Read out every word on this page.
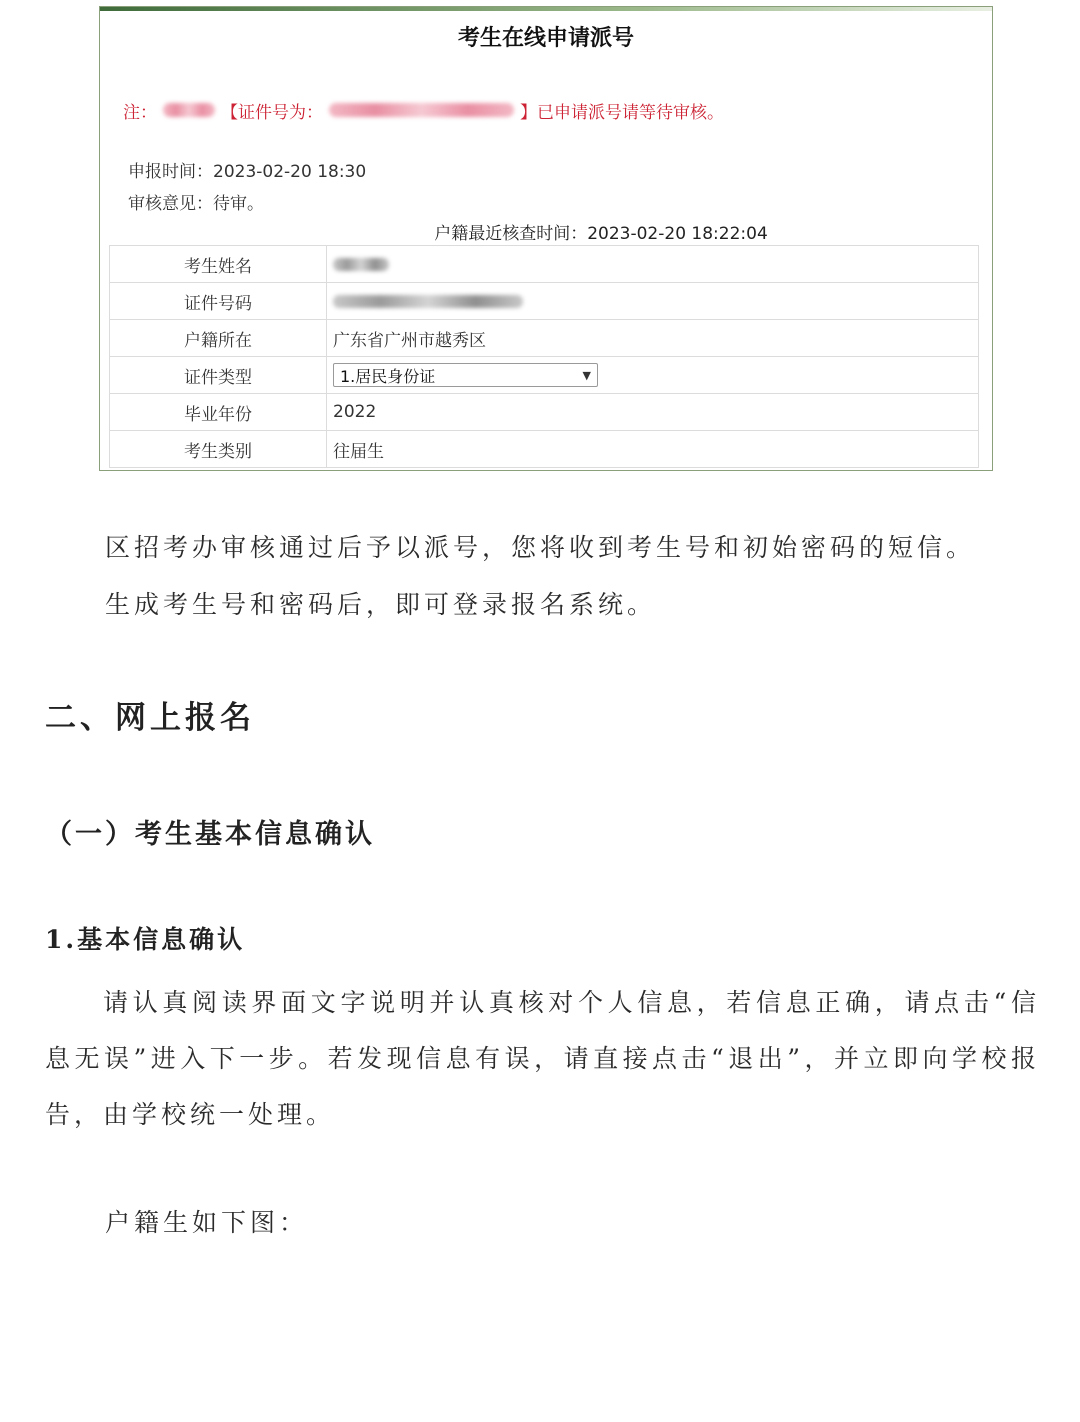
考生在线申请派号
注：	【证件号为：	】已申请派号请等待审核。
申报时间：2023-02-20 18:30
审核意见：待审。
户籍最近核查时间：2023-02-20 18:22:04
考生姓名	
证件号码	
户籍所在	广东省广州市越秀区
证件类型	1.居民身份证 ▼

毕业年份	2022
考生类别	往届生
区招考办审核通过后予以派号，您将收到考生号和初始密码的短信。
生成考生号和密码后，即可登录报名系统。
二、网上报名
（一）考生基本信息确认
1.基本信息确认
请认真阅读界面文字说明并认真核对个人信息，若信息正确，请点击“信息无误”进入下一步。若发现信息有误，请直接点击“退出”，并立即向学校报告，由学校统一处理。
户籍生如下图：
